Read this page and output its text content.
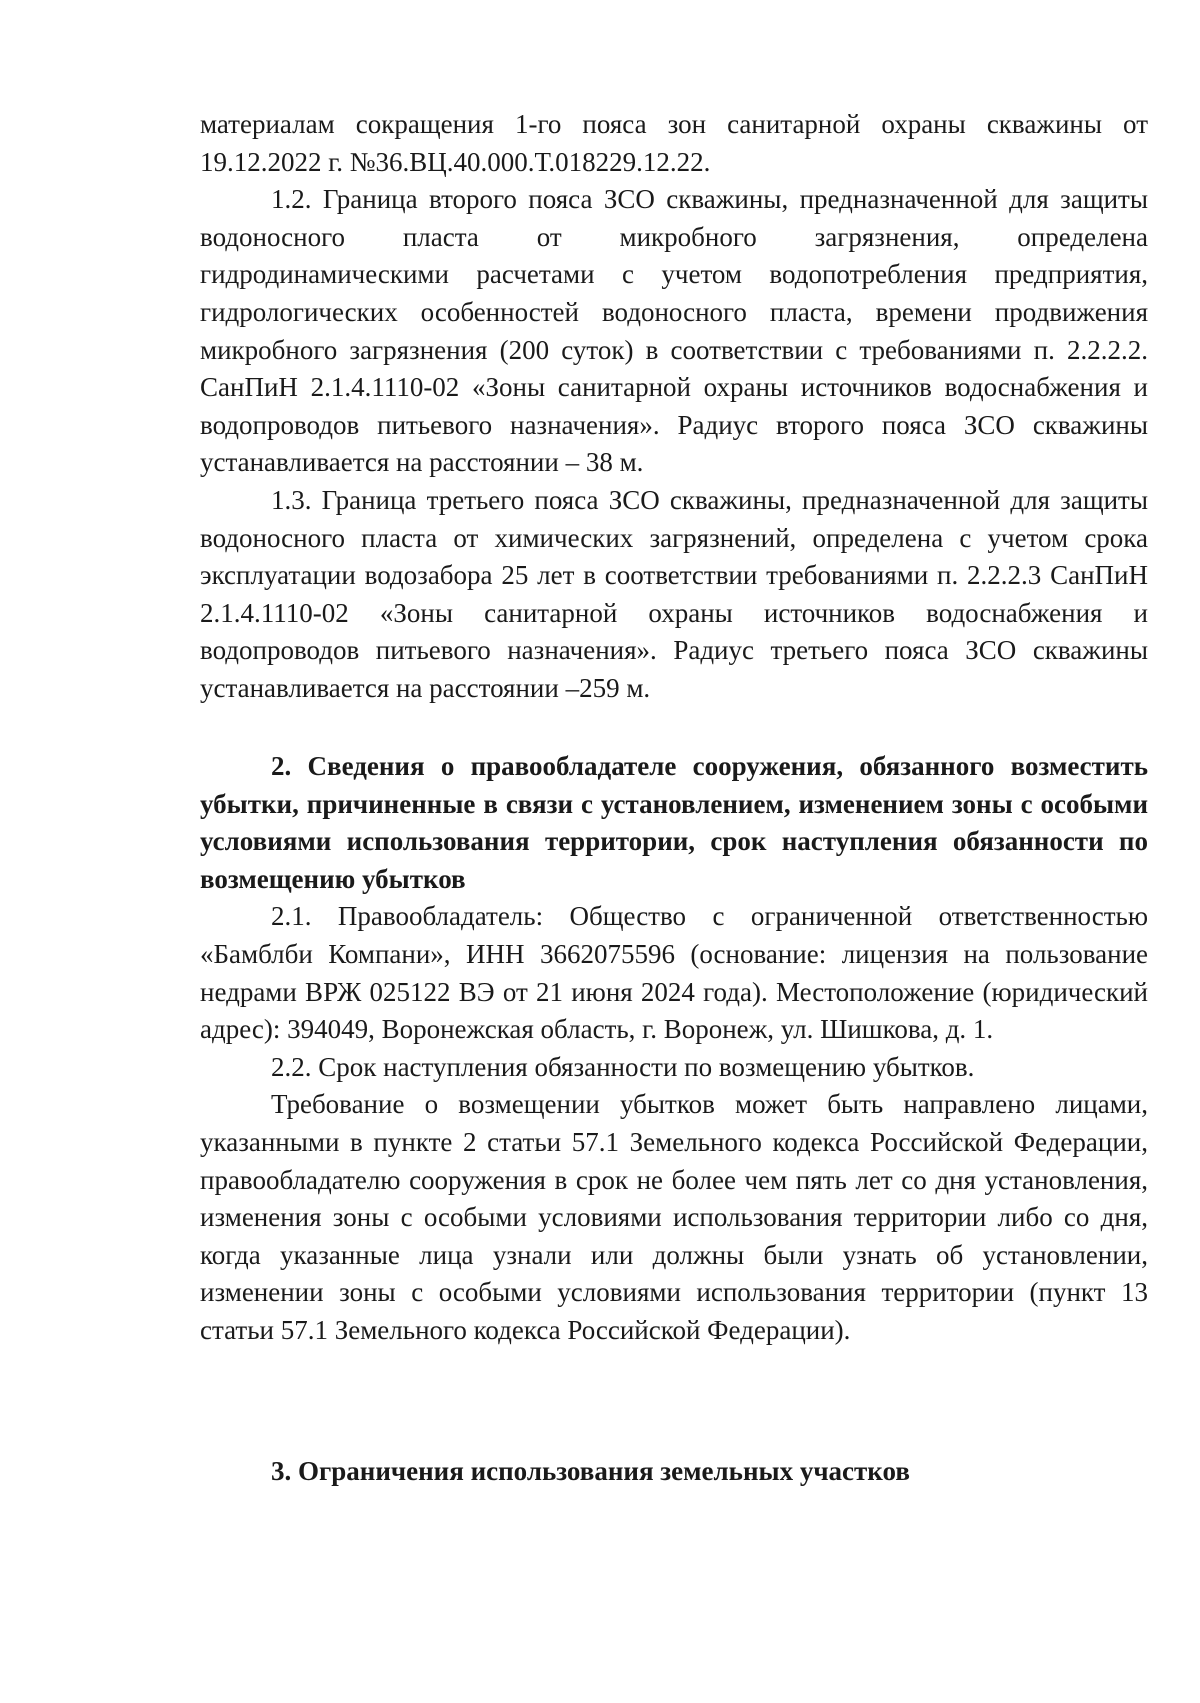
материалам сокращения 1-го пояса зон санитарной охраны скважины от 19.12.2022 г. №36.ВЦ.40.000.Т.018229.12.22.

1.2. Граница второго пояса ЗСО скважины, предназначенной для защиты водоносного пласта от микробного загрязнения, определена гидродинамическими расчетами с учетом водопотребления предприятия, гидрологических особенностей водоносного пласта, времени продвижения микробного загрязнения (200 суток) в соответствии с требованиями п. 2.2.2.2. СанПиН 2.1.4.1110-02 «Зоны санитарной охраны источников водоснабжения и водопроводов питьевого назначения». Радиус второго пояса ЗСО скважины устанавливается на расстоянии – 38 м.

1.3. Граница третьего пояса ЗСО скважины, предназначенной для защиты водоносного пласта от химических загрязнений, определена с учетом срока эксплуатации водозабора 25 лет в соответствии требованиями п. 2.2.2.3 СанПиН 2.1.4.1110-02 «Зоны санитарной охраны источников водоснабжения и водопроводов питьевого назначения». Радиус третьего пояса ЗСО скважины устанавливается на расстоянии –259 м.

2. Сведения о правообладателе сооружения, обязанного возместить убытки, причиненные в связи с установлением, изменением зоны с особыми условиями использования территории, срок наступления обязанности по возмещению убытков

2.1. Правообладатель: Общество с ограниченной ответственностью «Бамблби Компани», ИНН 3662075596 (основание: лицензия на пользование недрами ВРЖ 025122 ВЭ от 21 июня 2024 года). Местоположение (юридический адрес): 394049, Воронежская область, г. Воронеж, ул. Шишкова, д. 1.

2.2. Срок наступления обязанности по возмещению убытков.

Требование о возмещении убытков может быть направлено лицами, указанными в пункте 2 статьи 57.1 Земельного кодекса Российской Федерации, правообладателю сооружения в срок не более чем пять лет со дня установления, изменения зоны с особыми условиями использования территории либо со дня, когда указанные лица узнали или должны были узнать об установлении, изменении зоны с особыми условиями использования территории (пункт 13 статьи 57.1 Земельного кодекса Российской Федерации).

3. Ограничения использования земельных участков
